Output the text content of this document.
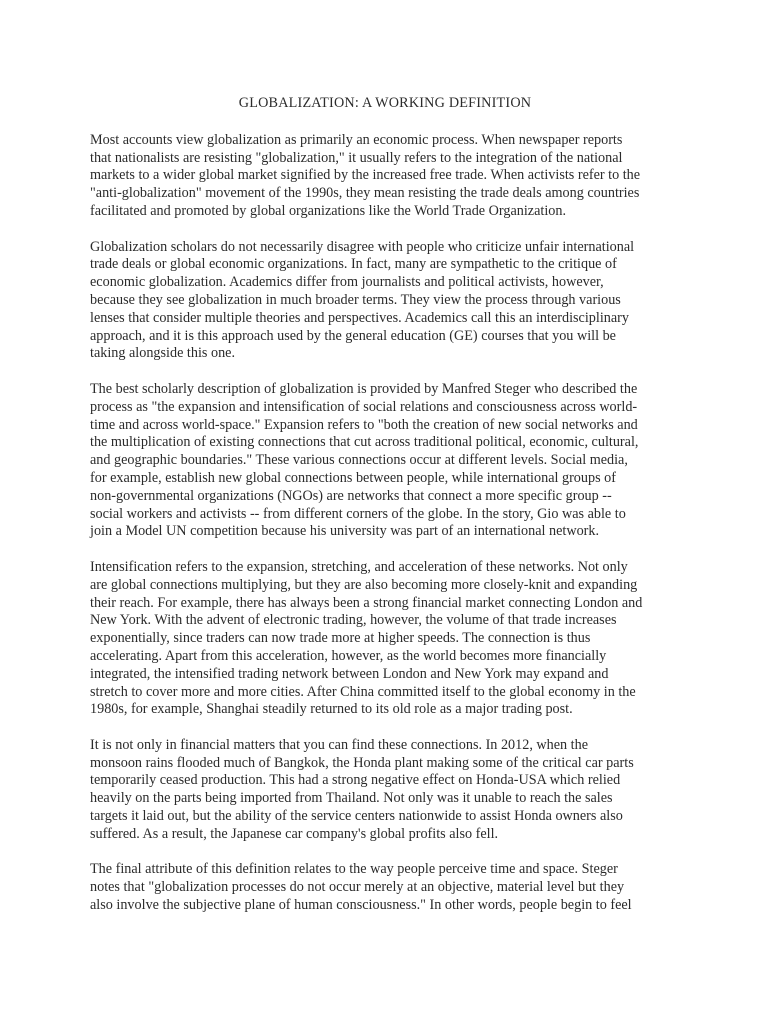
GLOBALIZATION: A WORKING DEFINITION

Most accounts view globalization as primarily an economic process. When newspaper reports
that nationalists are resisting "globalization," it usually refers to the integration of the national
markets to a wider global market signified by the increased free trade. When activists refer to the
"anti-globalization" movement of the 1990s, they mean resisting the trade deals among countries
facilitated and promoted by global organizations like the World Trade Organization.

Globalization scholars do not necessarily disagree with people who criticize unfair international
trade deals or global economic organizations. In fact, many are sympathetic to the critique of
economic globalization. Academics differ from journalists and political activists, however,
because they see globalization in much broader terms. They view the process through various
lenses that consider multiple theories and perspectives. Academics call this an interdisciplinary
approach, and it is this approach used by the general education (GE) courses that you will be
taking alongside this one.

The best scholarly description of globalization is provided by Manfred Steger who described the
process as "the expansion and intensification of social relations and consciousness across world-
time and across world-space." Expansion refers to "both the creation of new social networks and
the multiplication of existing connections that cut across traditional political, economic, cultural,
and geographic boundaries." These various connections occur at different levels. Social media,
for example, establish new global connections between people, while international groups of
non-governmental organizations (NGOs) are networks that connect a more specific group --
social workers and activists -- from different corners of the globe. In the story, Gio was able to
join a Model UN competition because his university was part of an international network.

Intensification refers to the expansion, stretching, and acceleration of these networks. Not only
are global connections multiplying, but they are also becoming more closely-knit and expanding
their reach. For example, there has always been a strong financial market connecting London and
New York. With the advent of electronic trading, however, the volume of that trade increases
exponentially, since traders can now trade more at higher speeds. The connection is thus
accelerating. Apart from this acceleration, however, as the world becomes more financially
integrated, the intensified trading network between London and New York may expand and
stretch to cover more and more cities. After China committed itself to the global economy in the
1980s, for example, Shanghai steadily returned to its old role as a major trading post.

It is not only in financial matters that you can find these connections. In 2012, when the
monsoon rains flooded much of Bangkok, the Honda plant making some of the critical car parts
temporarily ceased production. This had a strong negative effect on Honda-USA which relied
heavily on the parts being imported from Thailand. Not only was it unable to reach the sales
targets it laid out, but the ability of the service centers nationwide to assist Honda owners also
suffered. As a result, the Japanese car company's global profits also fell.

The final attribute of this definition relates to the way people perceive time and space. Steger
notes that "globalization processes do not occur merely at an objective, material level but they
also involve the subjective plane of human consciousness." In other words, people begin to feel
